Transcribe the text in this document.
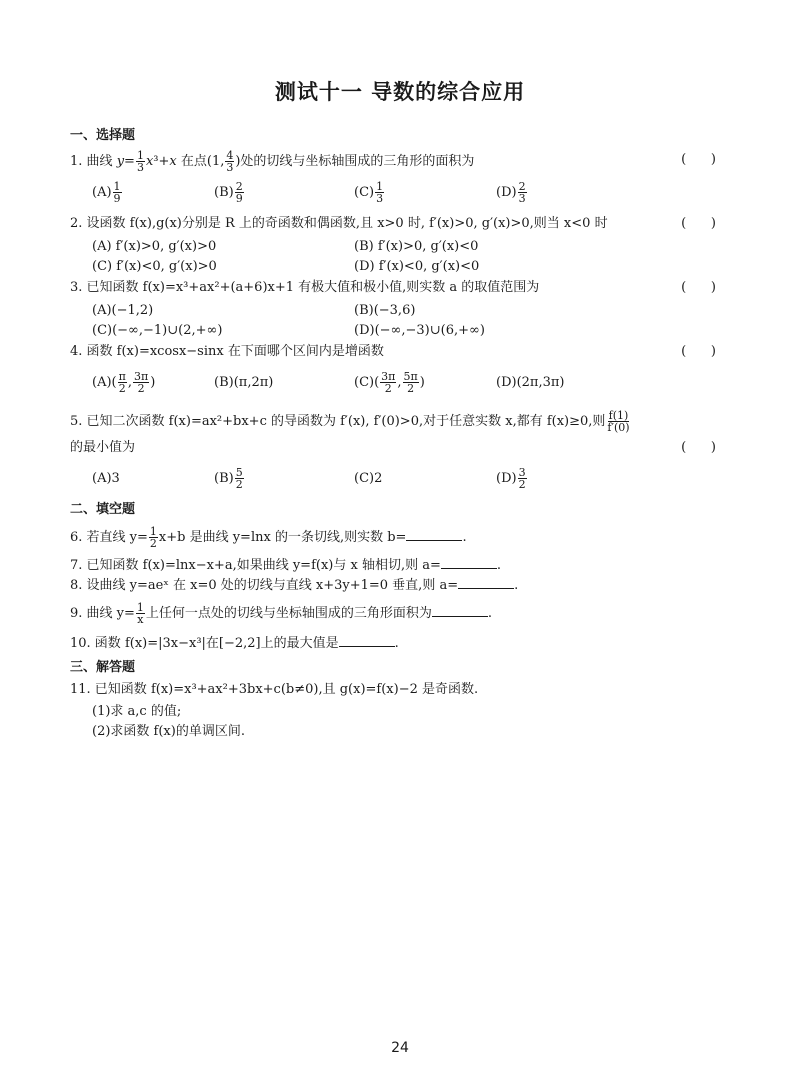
测试十一 导数的综合应用
一、选择题
1. 曲线 $y= \frac{1}{3} x^3+x$ 在点(1, $\frac{4}{3}$ )处的切线与坐标轴围成的三角形的面积为	(      )
$(A) \frac{1}{9}$	$(B) \frac{2}{9}$	$(C) \frac{1}{3}$	$(D) \frac{2}{3}$
2. 设函数 f(x),g(x)分别是 R 上的奇函数和偶函数,且 x>0 时, f′(x)>0, g′(x)>0,则当 x<0 时	(      )
(A) f′(x)>0, g′(x)>0	(B) f′(x)>0, g′(x)<0
(C) f′(x)<0, g′(x)>0	(D) f′(x)<0, g′(x)<0
3. 已知函数 f(x)=x³+ax²+(a+6)x+1 有极大值和极小值,则实数 a 的取值范围为	(      )
(A)(−1,2)	(B)(−3,6)
(C)(−∞,−1)∪(2,+∞)	(D)(−∞,−3)∪(6,+∞)
4. 函数 f(x)=xcosx−sinx 在下面哪个区间内是增函数	(      )
$(A)( \frac{\pi}{2}$ , $\frac{3\pi}{2}$ )	(B)(π,2π)	$(C)( \frac{3\pi}{2}$ , $\frac{5\pi}{2}$ )	(D)(2π,3π)
5. 已知二次函数 f(x)=ax²+bx+c 的导函数为 f′(x), f′(0)>0,对于任意实数 x,都有 f(x)≥0,则 $\frac{f(1)}{f'(0)}$
的最小值为	(      )
(A)3	$(B) \frac{5}{2}$	(C)2	$(D) \frac{3}{2}$
二、填空题
6. 若直线 $y= \frac{1}{2} x+b$ 是曲线 y=lnx 的一条切线,则实数 b=	.
7. 已知函数 f(x)=lnx−x+a,如果曲线 y=f(x)与 x 轴相切,则 a=	.
8. 设曲线 y=aeˣ 在 x=0 处的切线与直线 x+3y+1=0 垂直,则 a=	.
9. 曲线 $y= \frac{1}{x}$ 上任何一点处的切线与坐标轴围成的三角形面积为	.
10. 函数 f(x)=|3x−x³|在[−2,2]上的最大值是	.
三、解答题
11. 已知函数 f(x)=x³+ax²+3bx+c(b≠0),且 g(x)=f(x)−2 是奇函数.
(1)求 a,c 的值;
(2)求函数 f(x)的单调区间.
24
